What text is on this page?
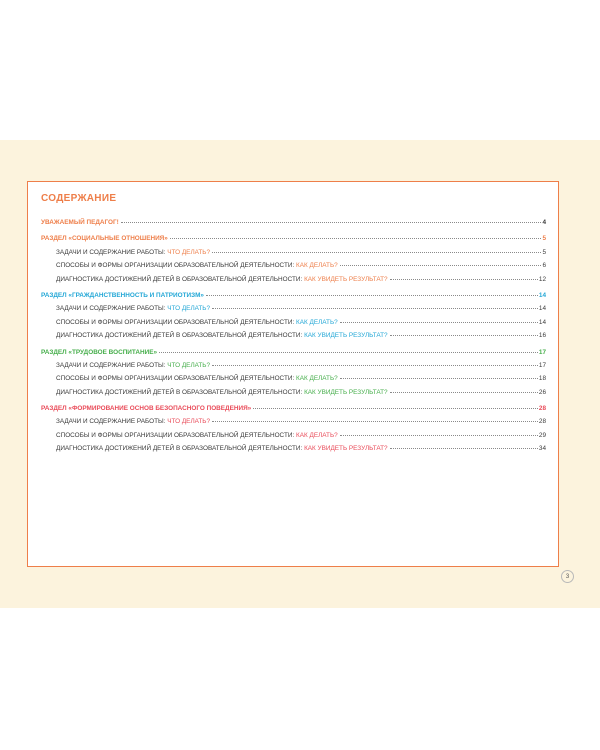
СОДЕРЖАНИЕ
УВАЖАЕМЫЙ ПЕДАГОГ!	4
РАЗДЕЛ «СОЦИАЛЬНЫЕ ОТНОШЕНИЯ»	5
ЗАДАЧИ И СОДЕРЖАНИЕ РАБОТЫ: ЧТО ДЕЛАТЬ?	5
СПОСОБЫ И ФОРМЫ ОРГАНИЗАЦИИ ОБРАЗОВАТЕЛЬНОЙ ДЕЯТЕЛЬНОСТИ: КАК ДЕЛАТЬ?	6
ДИАГНОСТИКА ДОСТИЖЕНИЙ ДЕТЕЙ В ОБРАЗОВАТЕЛЬНОЙ ДЕЯТЕЛЬНОСТИ: КАК УВИДЕТЬ РЕЗУЛЬТАТ?	12
РАЗДЕЛ «ГРАЖДАНСТВЕННОСТЬ И ПАТРИОТИЗМ»	14
ЗАДАЧИ И СОДЕРЖАНИЕ РАБОТЫ: ЧТО ДЕЛАТЬ?	14
СПОСОБЫ И ФОРМЫ ОРГАНИЗАЦИИ ОБРАЗОВАТЕЛЬНОЙ ДЕЯТЕЛЬНОСТИ: КАК ДЕЛАТЬ?	14
ДИАГНОСТИКА ДОСТИЖЕНИЙ ДЕТЕЙ В ОБРАЗОВАТЕЛЬНОЙ ДЕЯТЕЛЬНОСТИ: КАК УВИДЕТЬ РЕЗУЛЬТАТ?	16
РАЗДЕЛ «ТРУДОВОЕ ВОСПИТАНИЕ»	17
ЗАДАЧИ И СОДЕРЖАНИЕ РАБОТЫ: ЧТО ДЕЛАТЬ?	17
СПОСОБЫ И ФОРМЫ ОРГАНИЗАЦИИ ОБРАЗОВАТЕЛЬНОЙ ДЕЯТЕЛЬНОСТИ: КАК ДЕЛАТЬ?	18
ДИАГНОСТИКА ДОСТИЖЕНИЙ ДЕТЕЙ В ОБРАЗОВАТЕЛЬНОЙ ДЕЯТЕЛЬНОСТИ: КАК УВИДЕТЬ РЕЗУЛЬТАТ?	26
РАЗДЕЛ «ФОРМИРОВАНИЕ ОСНОВ БЕЗОПАСНОГО ПОВЕДЕНИЯ»	28
ЗАДАЧИ И СОДЕРЖАНИЕ РАБОТЫ: ЧТО ДЕЛАТЬ?	28
СПОСОБЫ И ФОРМЫ ОРГАНИЗАЦИИ ОБРАЗОВАТЕЛЬНОЙ ДЕЯТЕЛЬНОСТИ: КАК ДЕЛАТЬ?	29
ДИАГНОСТИКА ДОСТИЖЕНИЙ ДЕТЕЙ В ОБРАЗОВАТЕЛЬНОЙ ДЕЯТЕЛЬНОСТИ: КАК УВИДЕТЬ РЕЗУЛЬТАТ?	34
3
